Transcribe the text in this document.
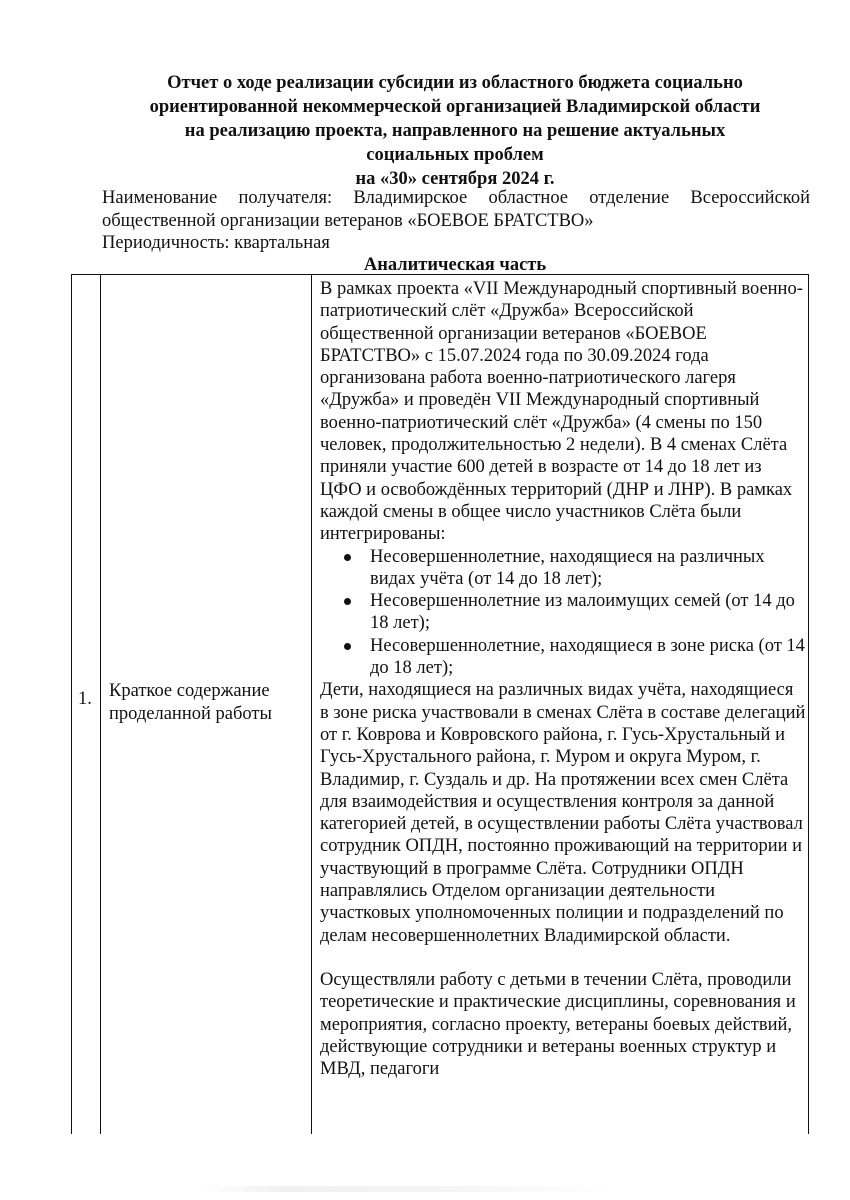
Отчет о ходе реализации субсидии из областного бюджета социально
ориентированной некоммерческой организацией Владимирской области
на реализацию проекта, направленного на решение актуальных
социальных проблем
на «30» сентября 2024 г.

Наименование получателя: Владимирское областное отделение Всероссийской общественной организации ветеранов «БОЕВОЕ БРАТСТВО»

Периодичность: квартальная

Аналитическая часть
1. Краткое содержание проделанной работы

В рамках проекта «VII Международный спортивный военно-патриотический слёт «Дружба» Всероссийской общественной организации ветеранов «БОЕВОЕ БРАТСТВО» с 15.07.2024 года по 30.09.2024 года организована работа военно-патриотического лагеря «Дружба» и проведён VII Международный спортивный военно-патриотический слёт «Дружба» (4 смены по 150 человек, продолжительностью 2 недели). В 4 сменах Слёта приняли участие 600 детей в возрасте от 14 до 18 лет из ЦФО и освобождённых территорий (ДНР и ЛНР). В рамках каждой смены в общее число участников Слёта были интегрированы:

Несовершеннолетние, находящиеся на различных видах учёта (от 14 до 18 лет);
Несовершеннолетние из малоимущих семей (от 14 до 18 лет);
Несовершеннолетние, находящиеся в зоне риска (от 14 до 18 лет);

Дети, находящиеся на различных видах учёта, находящиеся в зоне риска участвовали в сменах Слёта в составе делегаций от г. Коврова и Ковровского района, г. Гусь-Хрустальный и Гусь-Хрустального района, г. Муром и округа Муром, г. Владимир, г. Суздаль и др. На протяжении всех смен Слёта для взаимодействия и осуществления контроля за данной категорией детей, в осуществлении работы Слёта участвовал сотрудник ОПДН, постоянно проживающий на территории и участвующий в программе Слёта. Сотрудники ОПДН направлялись Отделом организации деятельности участковых уполномоченных полиции и подразделений по делам несовершеннолетних Владимирской области.

Осуществляли работу с детьми в течении Слёта, проводили теоретические и практические дисциплины, соревнования и мероприятия, согласно проекту, ветераны боевых действий, действующие сотрудники и ветераны военных структур и МВД, педагоги
